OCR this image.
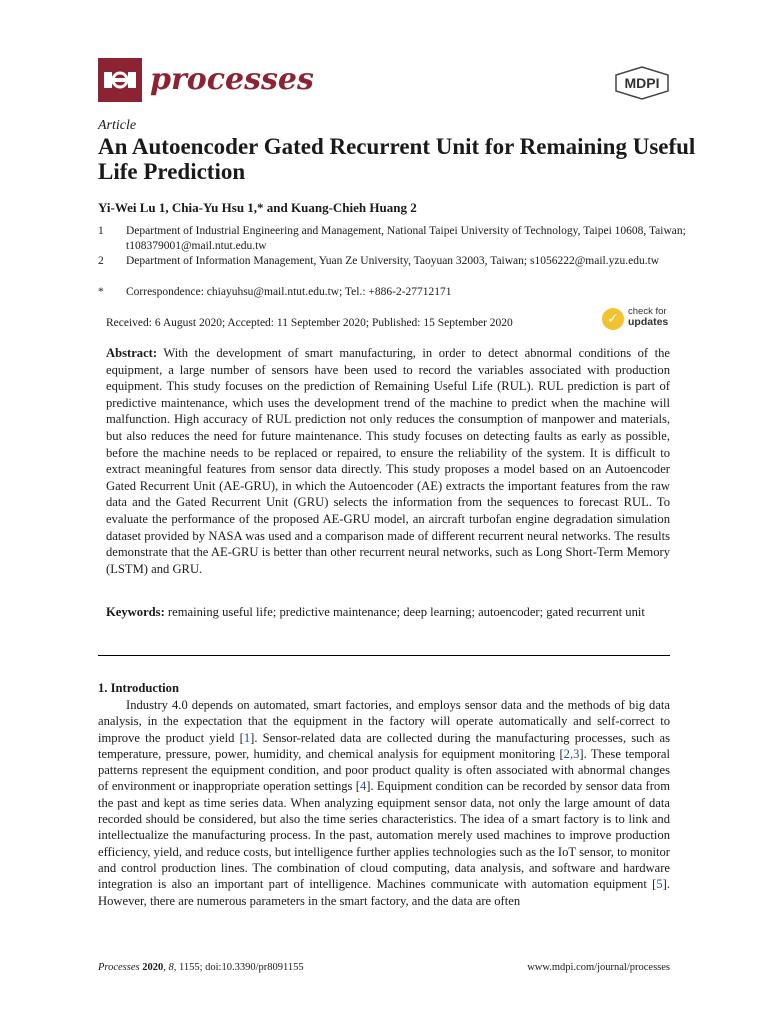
processes	MDPI
Article
An Autoencoder Gated Recurrent Unit for Remaining Useful Life Prediction
Yi-Wei Lu 1, Chia-Yu Hsu 1,* and Kuang-Chieh Huang 2
1	Department of Industrial Engineering and Management, National Taipei University of Technology, Taipei 10608, Taiwan; t108379001@mail.ntut.edu.tw
2	Department of Information Management, Yuan Ze University, Taoyuan 32003, Taiwan; s1056222@mail.yzu.edu.tw
*	Correspondence: chiayuhsu@mail.ntut.edu.tw; Tel.: +886-2-27712171
Received: 6 August 2020; Accepted: 11 September 2020; Published: 15 September 2020	✓ check for
updates
Abstract: With the development of smart manufacturing, in order to detect abnormal conditions of the equipment, a large number of sensors have been used to record the variables associated with production equipment. This study focuses on the prediction of Remaining Useful Life (RUL). RUL prediction is part of predictive maintenance, which uses the development trend of the machine to predict when the machine will malfunction. High accuracy of RUL prediction not only reduces the consumption of manpower and materials, but also reduces the need for future maintenance. This study focuses on detecting faults as early as possible, before the machine needs to be replaced or repaired, to ensure the reliability of the system. It is difficult to extract meaningful features from sensor data directly. This study proposes a model based on an Autoencoder Gated Recurrent Unit (AE-GRU), in which the Autoencoder (AE) extracts the important features from the raw data and the Gated Recurrent Unit (GRU) selects the information from the sequences to forecast RUL. To evaluate the performance of the proposed AE-GRU model, an aircraft turbofan engine degradation simulation dataset provided by NASA was used and a comparison made of different recurrent neural networks. The results demonstrate that the AE-GRU is better than other recurrent neural networks, such as Long Short-Term Memory (LSTM) and GRU.
Keywords: remaining useful life; predictive maintenance; deep learning; autoencoder; gated recurrent unit
1. Introduction
Industry 4.0 depends on automated, smart factories, and employs sensor data and the methods of big data analysis, in the expectation that the equipment in the factory will operate automatically and self-correct to improve the product yield [1]. Sensor-related data are collected during the manufacturing processes, such as temperature, pressure, power, humidity, and chemical analysis for equipment monitoring [2,3]. These temporal patterns represent the equipment condition, and poor product quality is often associated with abnormal changes of environment or inappropriate operation settings [4]. Equipment condition can be recorded by sensor data from the past and kept as time series data. When analyzing equipment sensor data, not only the large amount of data recorded should be considered, but also the time series characteristics. The idea of a smart factory is to link and intellectualize the manufacturing process. In the past, automation merely used machines to improve production efficiency, yield, and reduce costs, but intelligence further applies technologies such as the IoT sensor, to monitor and control production lines. The combination of cloud computing, data analysis, and software and hardware integration is also an important part of intelligence. Machines communicate with automation equipment [5]. However, there are numerous parameters in the smart factory, and the data are often
Processes 2020, 8, 1155; doi:10.3390/pr8091155	www.mdpi.com/journal/processes
